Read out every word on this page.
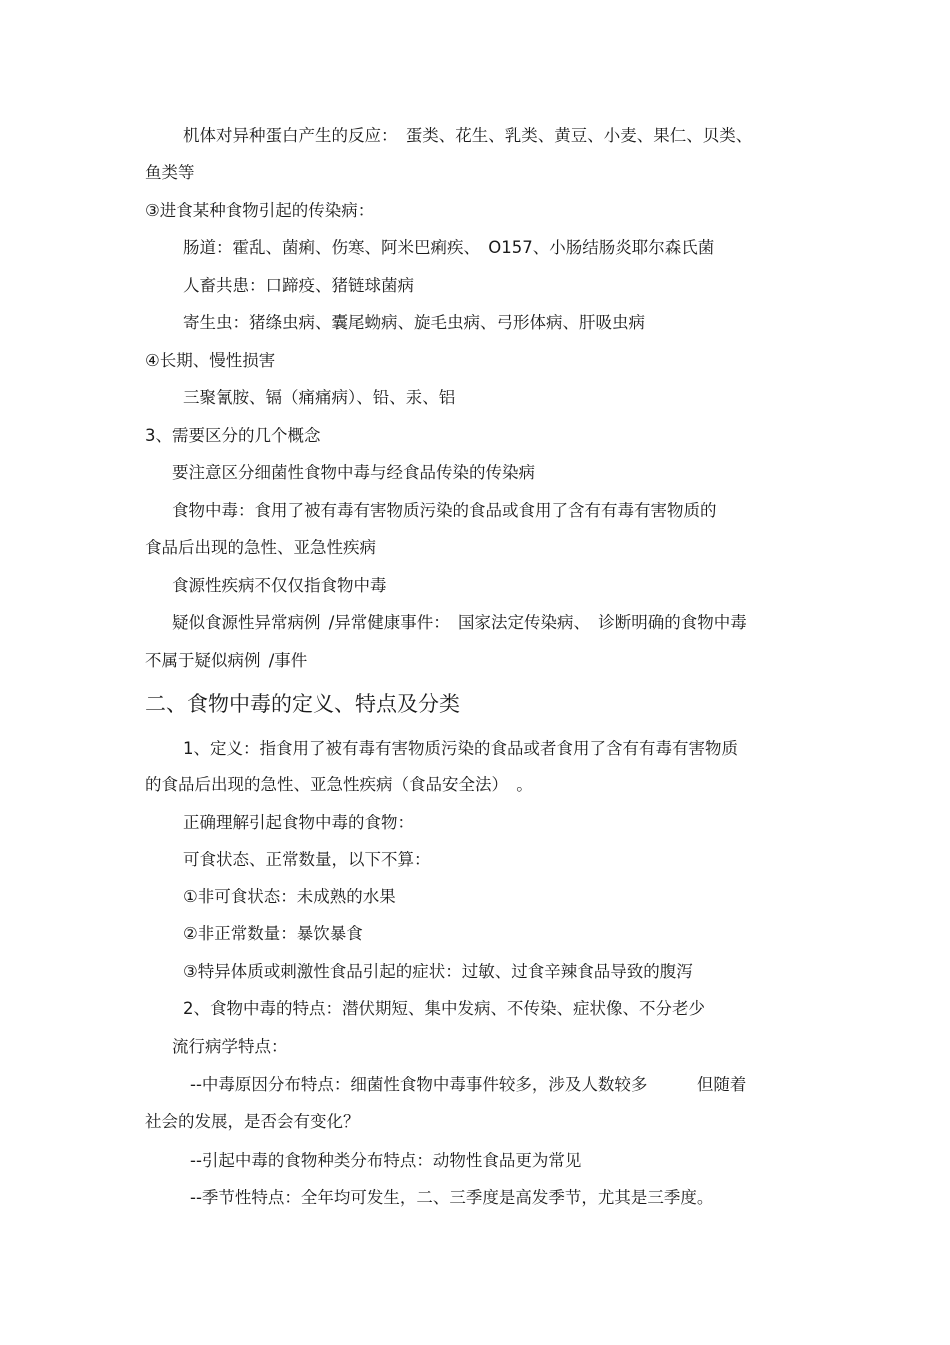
机体对异种蛋白产生的反应：　蛋类、花生、乳类、黄豆、小麦、果仁、贝类、
鱼类等
③进食某种食物引起的传染病：
肠道：霍乱、菌痢、伤寒、阿米巴痢疾、　O157、小肠结肠炎耶尔森氏菌
人畜共患：口蹄疫、猪链球菌病
寄生虫：猪绦虫病、囊尾蚴病、旋毛虫病、弓形体病、肝吸虫病
④长期、慢性损害
三聚氰胺、镉（痛痛病）、铅、汞、铝
3、需要区分的几个概念
要注意区分细菌性食物中毒与经食品传染的传染病
食物中毒：食用了被有毒有害物质污染的食品或食用了含有有毒有害物质的
食品后出现的急性、亚急性疾病
食源性疾病不仅仅指食物中毒
疑似食源性异常病例 /异常健康事件： 国家法定传染病、 诊断明确的食物中毒
不属于疑似病例 /事件
二、食物中毒的定义、特点及分类
1、定义：指食用了被有毒有害物质污染的食品或者食用了含有有毒有害物质
的食品后出现的急性、亚急性疾病（食品安全法）　。
正确理解引起食物中毒的食物：
可食状态、正常数量，以下不算：
①非可食状态：未成熟的水果
②非正常数量：暴饮暴食
③特异体质或刺激性食品引起的症状：过敏、过食辛辣食品导致的腹泻
2、食物中毒的特点：潜伏期短、集中发病、不传染、症状像、不分老少
流行病学特点：
--中毒原因分布特点：细菌性食物中毒事件较多，涉及人数较多　　　但随着
社会的发展，是否会有变化？
--引起中毒的食物种类分布特点：动物性食品更为常见
--季节性特点：全年均可发生，二、三季度是高发季节，尤其是三季度。
